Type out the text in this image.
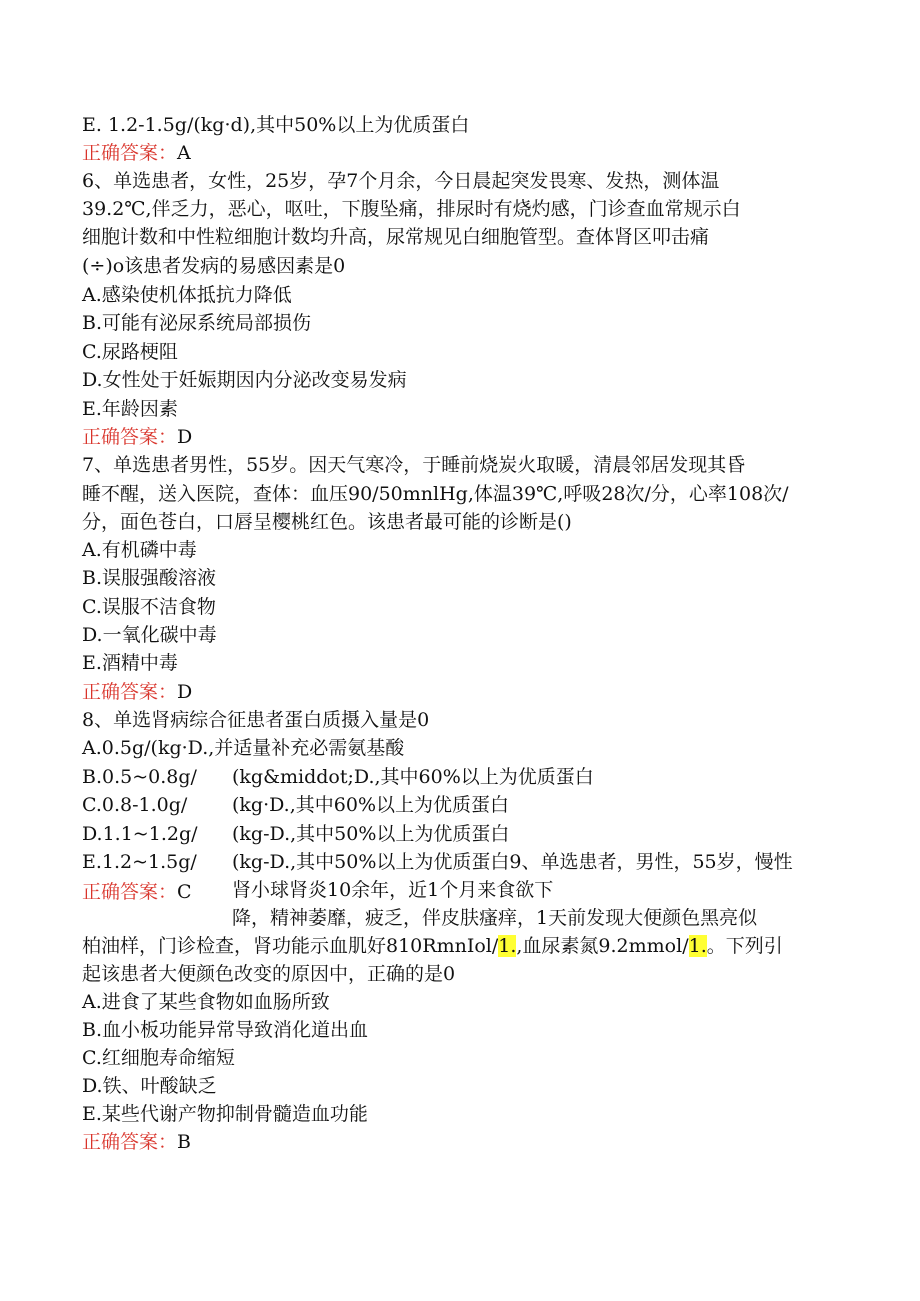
E. 1.2-1.5g/(kg·d),其中50%以上为优质蛋白
正确答案：A
6、单选患者，女性，25岁，孕7个月余，今日晨起突发畏寒、发热，测体温
39.2℃,伴乏力，恶心，呕吐，下腹坠痛，排尿时有烧灼感，门诊查血常规示白
细胞计数和中性粒细胞计数均升高，尿常规见白细胞管型。查体肾区叩击痛
(÷)o该患者发病的易感因素是0
A.感染使机体抵抗力降低
B.可能有泌尿系统局部损伤
C.尿路梗阻
D.女性处于妊娠期因内分泌改变易发病
E.年龄因素
正确答案：D
7、单选患者男性，55岁。因天气寒冷，于睡前烧炭火取暖，清晨邻居发现其昏
睡不醒，送入医院，查体：血压90/50mnlHg,体温39℃,呼吸28次/分，心率108次/
分，面色苍白，口唇呈樱桃红色。该患者最可能的诊断是()
A.有机磷中毒
B.误服强酸溶液
C.误服不洁食物
D.一氧化碳中毒
E.酒精中毒
正确答案：D
8、单选肾病综合征患者蛋白质摄入量是0
A.0.5g/(kg·D.,并适量补充必需氨基酸
B.0.5~0.8g/ (kg&middot;D.,其中60%以上为优质蛋白
C.0.8-1.0g/ (kg·D.,其中60%以上为优质蛋白
D.1.1~1.2g/ (kg-D.,其中50%以上为优质蛋白
E.1.2~1.5g/ (kg-D.,其中50%以上为优质蛋白9、单选患者，男性，55岁，慢性
正确答案：C 肾小球肾炎10余年，近1个月来食欲下
降，精神萎靡，疲乏，伴皮肤瘙痒，1天前发现大便颜色黑亮似
柏油样，门诊检查，肾功能示血肌好810RmnIol/1.,血尿素氮9.2mmol/1.。下列引
起该患者大便颜色改变的原因中，正确的是0
A.进食了某些食物如血肠所致
B.血小板功能异常导致消化道出血
C.红细胞寿命缩短
D.铁、叶酸缺乏
E.某些代谢产物抑制骨髓造血功能
正确答案：B
